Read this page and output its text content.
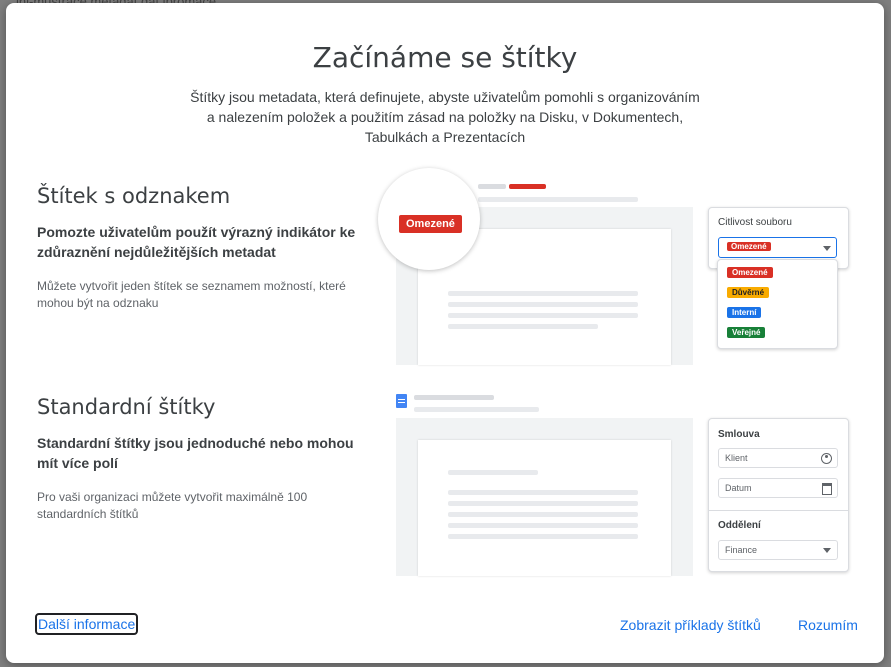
Začínáme se štítky
Štítky jsou metadata, která definujete, abyste uživatelům pomohli s organizováním a nalezením položek a použitím zásad na položky na Disku, v Dokumentech, Tabulkách a Prezentacích
Štítek s odznakem
Pomozte uživatelům použít výrazný indikátor ke zdůraznění nejdůležitějších metadat
Můžete vytvořit jeden štítek se seznamem možností, které mohou být na odznaku
Omezené	Citlivost souboru
Omezené
Omezené
Důvěrné
Interní
Veřejné
Standardní štítky
Standardní štítky jsou jednoduché nebo mohou mít více polí
Pro vaši organizaci můžete vytvořit maximálně 100 standardních štítků
Smlouva
Klient
Datum
Oddělení
Finance
Další informace	Zobrazit příklady štítků	Rozumím
